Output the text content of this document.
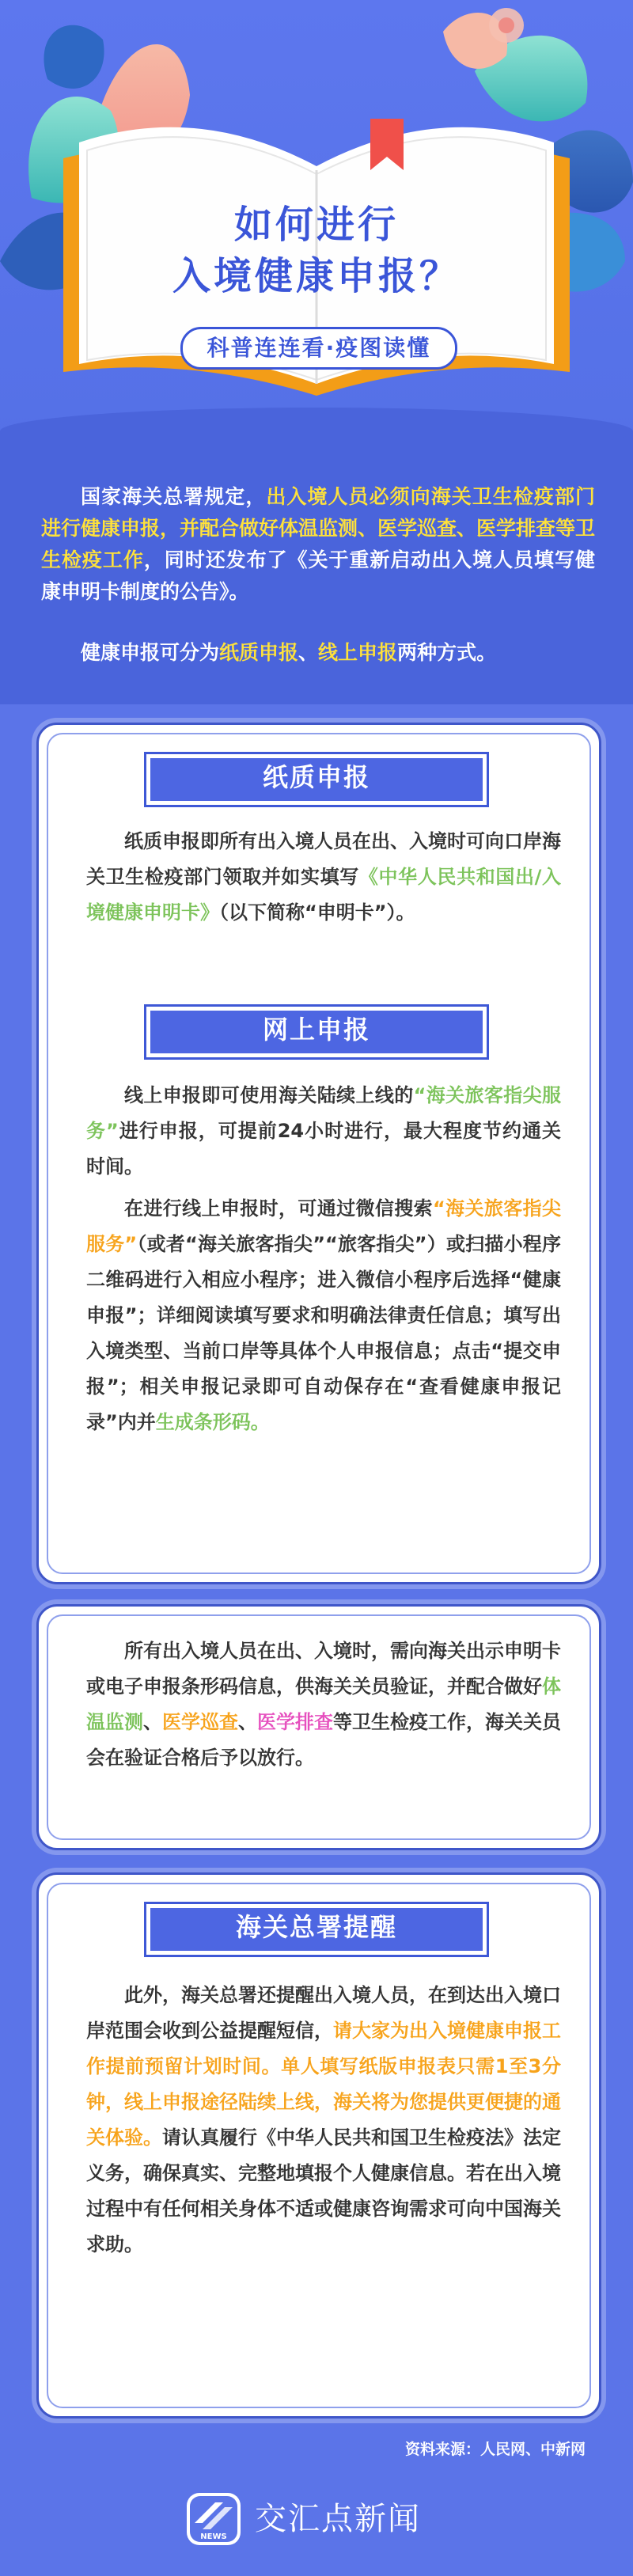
如何进行
入境健康申报？
科普连连看·疫图读懂

国家海关总署规定，出入境人员必须向海关卫生检疫部门进行健康申报，并配合做好体温监测、医学巡查、医学排查等卫生检疫工作，同时还发布了《关于重新启动出入境人员填写健康申明卡制度的公告》。

健康申报可分为纸质申报、线上申报两种方式。

纸质申报

纸质申报即所有出入境人员在出、入境时可向口岸海关卫生检疫部门领取并如实填写《中华人民共和国出/入境健康申明卡》（以下简称“申明卡”）。

网上申报

线上申报即可使用海关陆续上线的“海关旅客指尖服务”进行申报，可提前24小时进行，最大程度节约通关时间。

在进行线上申报时，可通过微信搜索“海关旅客指尖服务”（或者“海关旅客指尖”“旅客指尖”）或扫描小程序二维码进行入相应小程序；进入微信小程序后选择“健康申报”；详细阅读填写要求和明确法律责任信息；填写出入境类型、当前口岸等具体个人申报信息；点击“提交申报”；相关申报记录即可自动保存在“查看健康申报记录”内并生成条形码。

所有出入境人员在出、入境时，需向海关出示申明卡或电子申报条形码信息，供海关关员验证，并配合做好体温监测、医学巡查、医学排查等卫生检疫工作，海关关员会在验证合格后予以放行。

海关总署提醒

此外，海关总署还提醒出入境人员，在到达出入境口岸范围会收到公益提醒短信，请大家为出入境健康申报工作提前预留计划时间。单人填写纸版申报表只需1至3分钟，线上申报途径陆续上线，海关将为您提供更便捷的通关体验。请认真履行《中华人民共和国卫生检疫法》法定义务，确保真实、完整地填报个人健康信息。若在出入境过程中有任何相关身体不适或健康咨询需求可向中国海关求助。

资料来源：人民网、中新网
NEWS 交汇点新闻
